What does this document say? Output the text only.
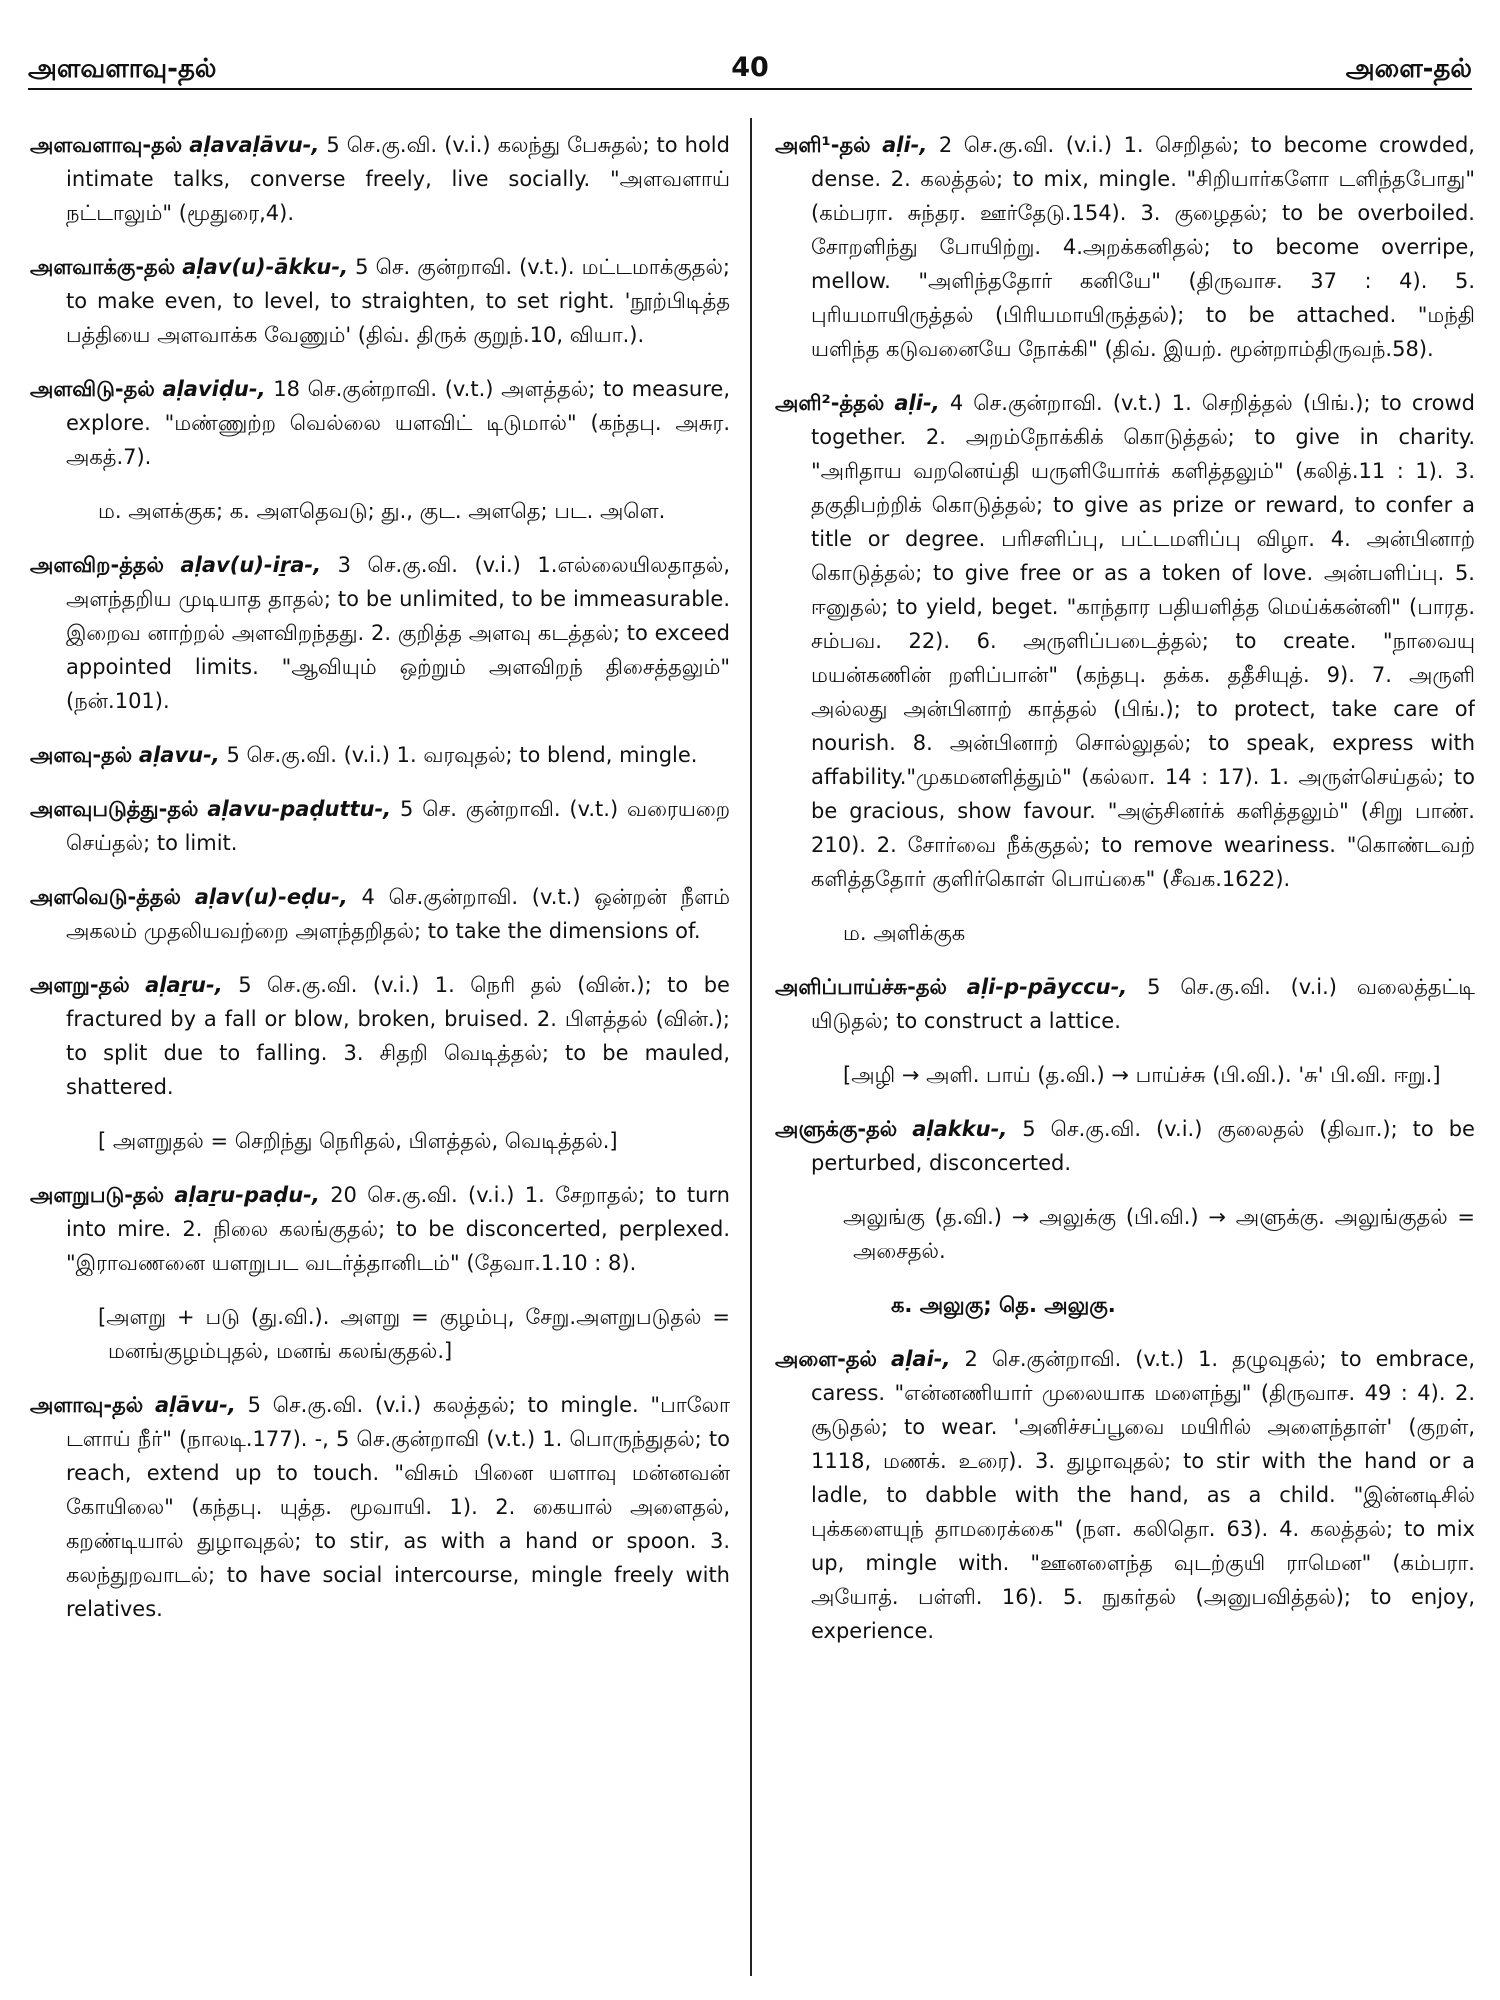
அளவளாவு-தல்	40	அளை-தல்

அளவளாவு-தல் aḷavaḷāvu-, 5 செ.கு.வி. (v.i.) கலந்து பேசுதல்; to hold intimate talks, converse freely, live socially. "அளவளாய் நட்டாலும்" (மூதுரை,4).

அளவாக்கு-தல் aḷav(u)-ākku-, 5 செ. குன்றாவி. (v.t.). மட்டமாக்குதல்; to make even, to level, to straighten, to set right. 'நூற்பிடித்த பத்தியை அளவாக்க வேணும்' (திவ். திருக் குறுந்.10, வியா.).

அளவிடு-தல் aḷaviḍu-, 18 செ.குன்றாவி. (v.t.) அளத்தல்; to measure, explore. "மண்ணுற்ற வெல்லை யளவிட் டிடுமால்" (கந்தபு. அசுர. அகத்.7).

ம. அளக்குக; க. அளதெவடு; து., குட. அளதெ; பட. அளெ.

அளவிற-த்தல் aḷav(u)-iṟa-, 3 செ.கு.வி. (v.i.) 1.எல்லையிலதாதல், அளந்தறிய முடியாத தாதல்; to be unlimited, to be immeasurable. இறைவ னாற்றல் அளவிறந்தது. 2. குறித்த அளவு கடத்தல்; to exceed appointed limits. "ஆவியும் ஒற்றும் அளவிறந் திசைத்தலும்" (நன்.101).

அளவு-தல் aḷavu-, 5 செ.கு.வி. (v.i.) 1. வரவுதல்; to blend, mingle.

அளவுபடுத்து-தல் aḷavu-paḍuttu-, 5 செ. குன்றாவி. (v.t.) வரையறை செய்தல்; to limit.

அளவெடு-த்தல் aḷav(u)-eḍu-, 4 செ.குன்றாவி. (v.t.) ஒன்றன் நீளம் அகலம் முதலியவற்றை அளந்தறிதல்; to take the dimensions of.

அளறு-தல் aḷaṟu-, 5 செ.கு.வி. (v.i.) 1. நெரி தல் (வின்.); to be fractured by a fall or blow, broken, bruised. 2. பிளத்தல் (வின்.); to split due to falling. 3. சிதறி வெடித்தல்; to be mauled, shattered.

[ அளறுதல் = செறிந்து நெரிதல், பிளத்தல், வெடித்தல்.]

அளறுபடு-தல் aḷaṟu-paḍu-, 20 செ.கு.வி. (v.i.) 1. சேறாதல்; to turn into mire. 2. நிலை கலங்குதல்; to be disconcerted, perplexed. "இராவணனை யளறுபட வடர்த்தானிடம்" (தேவா.1.10 : 8).

[அளறு + படு (து.வி.). அளறு = குழம்பு, சேறு.அளறுபடுதல் = மனங்குழம்புதல், மனங் கலங்குதல்.]

அளாவு-தல் aḷāvu-, 5 செ.கு.வி. (v.i.) கலத்தல்; to mingle. "பாலோ டளாய் நீர்" (நாலடி.177). -, 5 செ.குன்றாவி (v.t.) 1. பொருந்துதல்; to reach, extend up to touch. "விசும் பினை யளாவு மன்னவன் கோயிலை" (கந்தபு. யுத்த. மூவாயி. 1). 2. கையால் அளைதல், கறண்டியால் துழாவுதல்; to stir, as with a hand or spoon. 3. கலந்துறவாடல்; to have social intercourse, mingle freely with relatives.

அளி¹-தல் aḷi-, 2 செ.கு.வி. (v.i.) 1. செறிதல்; to become crowded, dense. 2. கலத்தல்; to mix, mingle. "சிறியார்களோ டளிந்தபோது" (கம்பரா. சுந்தர. ஊர்தேடு.154). 3. குழைதல்; to be overboiled. சோறளிந்து போயிற்று. 4.அறக்கனிதல்; to become overripe, mellow. "அளிந்ததோர் கனியே" (திருவாச. 37 : 4). 5. புரியமாயிருத்தல் (பிரியமாயிருத்தல்); to be attached. "மந்தி யளிந்த கடுவனையே நோக்கி" (திவ். இயற். மூன்றாம்திருவந்.58).

அளி²-த்தல் aḷi-, 4 செ.குன்றாவி. (v.t.) 1. செறித்தல் (பிங்.); to crowd together. 2. அறம்நோக்கிக் கொடுத்தல்; to give in charity. "அரிதாய வறனெய்தி யருளியோர்க் களித்தலும்" (கலித்.11 : 1). 3. தகுதிபற்றிக் கொடுத்தல்; to give as prize or reward, to confer a title or degree. பரிசளிப்பு, பட்டமளிப்பு விழா. 4. அன்பினாற் கொடுத்தல்; to give free or as a token of love. அன்பளிப்பு. 5. ஈனுதல்; to yield, beget. "காந்தார பதியளித்த மெய்க்கன்னி" (பாரத. சம்பவ. 22). 6. அருளிப்படைத்தல்; to create. "நாவையு மயன்கணின் றளிப்பான்" (கந்தபு. தக்க. ததீசியுத். 9). 7. அருளி அல்லது அன்பினாற் காத்தல் (பிங்.); to protect, take care of nourish. 8. அன்பினாற் சொல்லுதல்; to speak, express with affability."முகமனளித்தும்" (கல்லா. 14 : 17). 1. அருள்செய்தல்; to be gracious, show favour. "அஞ்சினர்க் களித்தலும்" (சிறு பாண். 210). 2. சோர்வை நீக்குதல்; to remove weariness. "கொண்டவற் களித்ததோர் குளிர்கொள் பொய்கை" (சீவக.1622).

ம. அளிக்குக

அளிப்பாய்ச்சு-தல் aḷi-p-pāyccu-, 5 செ.கு.வி. (v.i.) வலைத்தட்டி யிடுதல்; to construct a lattice.

[அழி → அளி. பாய் (த.வி.) → பாய்ச்சு (பி.வி.). 'சு' பி.வி. ஈறு.]

அளுக்கு-தல் aḷakku-, 5 செ.கு.வி. (v.i.) குலைதல் (திவா.); to be perturbed, disconcerted.

அலுங்கு (த.வி.) → அலுக்கு (பி.வி.) → அளுக்கு. அலுங்குதல் = அசைதல்.

க. அலுகு; தெ. அலுகு.

அளை-தல் aḷai-, 2 செ.குன்றாவி. (v.t.) 1. தழுவுதல்; to embrace, caress. "என்னணியார் முலையாக மளைந்து" (திருவாச. 49 : 4). 2. சூடுதல்; to wear. 'அனிச்சப்பூவை மயிரில் அளைந்தாள்' (குறள், 1118, மணக். உரை). 3. துழாவுதல்; to stir with the hand or a ladle, to dabble with the hand, as a child. "இன்னடிசில் புக்களையுந் தாமரைக்கை" (நள. கலிதொ. 63). 4. கலத்தல்; to mix up, mingle with. "ஊனளைந்த வுடற்குயி ராமென" (கம்பரா. அயோத். பள்ளி. 16). 5. நுகர்தல் (அனுபவித்தல்); to enjoy, experience.
